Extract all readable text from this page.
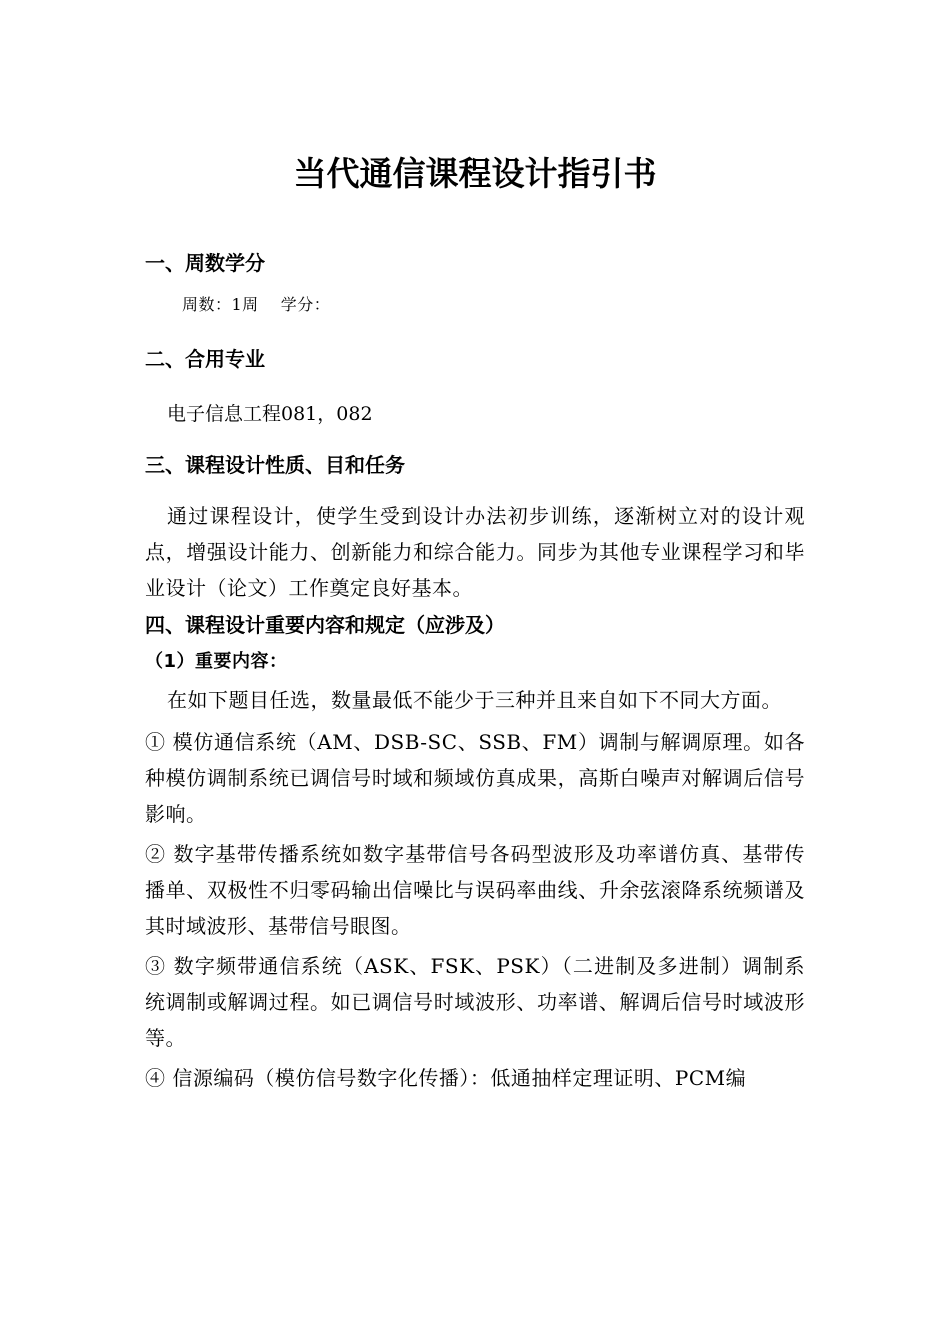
当代通信课程设计指引书

一、周数学分

周数：1周　 学分：

二、合用专业

电子信息工程081，082

三、课程设计性质、目和任务

通过课程设计，使学生受到设计办法初步训练，逐渐树立对的设计观点，增强设计能力、创新能力和综合能力。同步为其他专业课程学习和毕业设计（论文）工作奠定良好基本。

四、课程设计重要内容和规定（应涉及）

（1）重要内容：

在如下题目任选，数量最低不能少于三种并且来自如下不同大方面。

① 模仿通信系统（AM、DSB-SC、SSB、FM）调制与解调原理。如各种模仿调制系统已调信号时域和频域仿真成果，高斯白噪声对解调后信号影响。

② 数字基带传播系统如数字基带信号各码型波形及功率谱仿真、基带传播单、双极性不归零码输出信噪比与误码率曲线、升余弦滚降系统频谱及其时域波形、基带信号眼图。

③ 数字频带通信系统（ASK、FSK、PSK）（二进制及多进制）调制系统调制或解调过程。如已调信号时域波形、功率谱、解调后信号时域波形等。

④ 信源编码（模仿信号数字化传播）：低通抽样定理证明、PCM编
